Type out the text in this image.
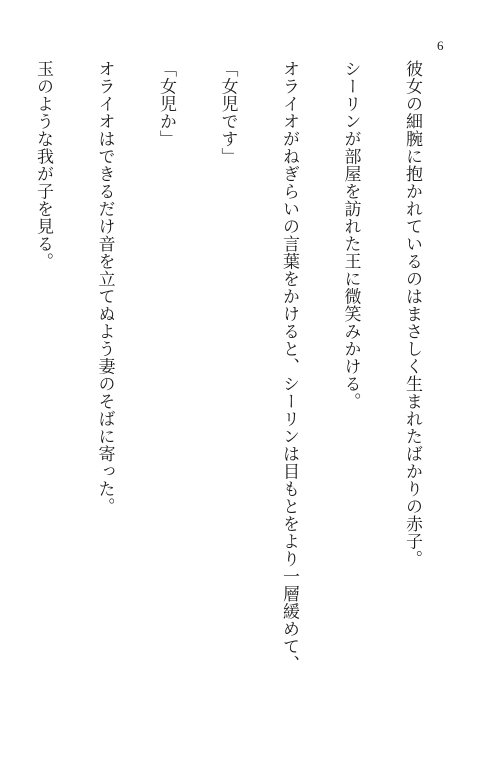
6

彼女の細腕に抱かれているのはまさしく生まれたばかりの赤子。

シーリンが部屋を訪れた王に微笑みかける。

オライオがねぎらいの言葉をかけると、シーリンは目もとをより一層緩めて、

「女児です」

「女児か」

オライオはできるだけ音を立てぬよう妻のそばに寄った。

玉のような我が子を見る。
